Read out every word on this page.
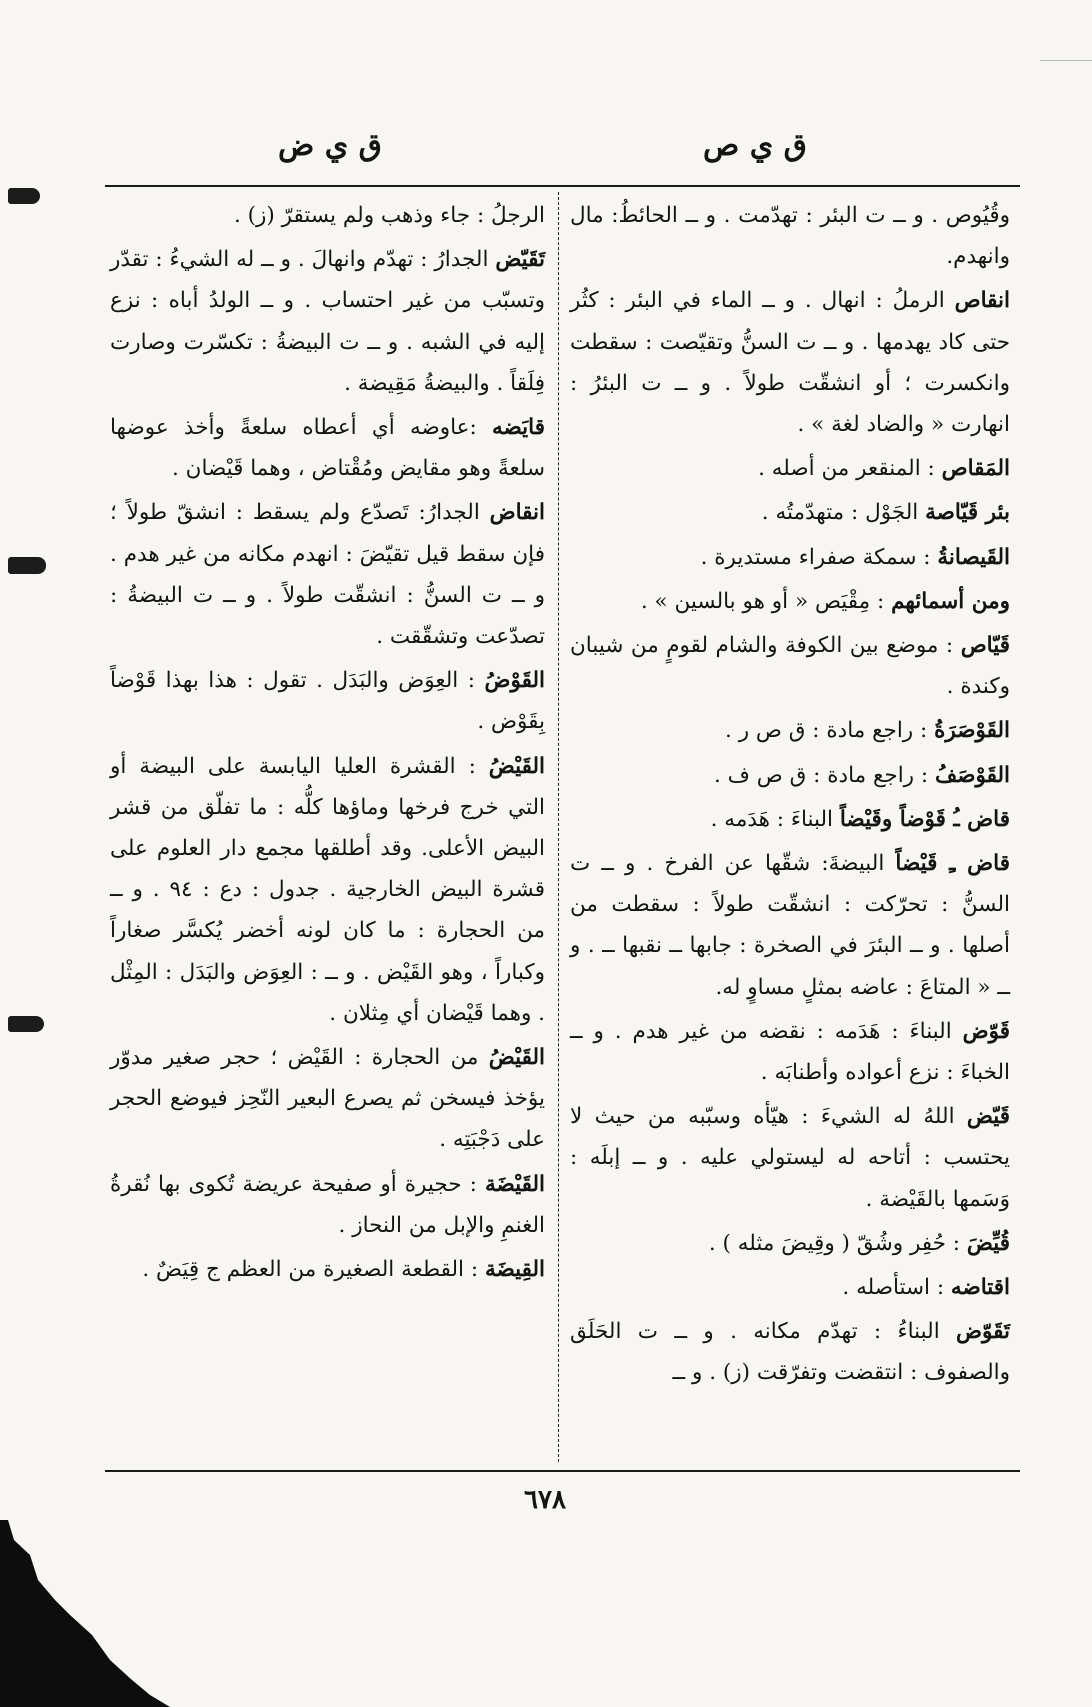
ق ي ص
ق ي ض
وقُيُوص . و ــ ت البئر : تهدّمت . و ــ الحائطُ: مال وانهدم.
انقاص الرملُ : انهال . و ــ الماء في البئر : كثُر حتى كاد يهدمها . و ــ ت السنُّ وتقيّصت : سقطت وانكسرت ؛ أو انشقّت طولاً . و ــ ت البئرُ : انهارت « والضاد لغة » .
المَقاص : المنقعر من أصله .
بئر قَيّاصة الجَوْل : متهدّمتُه .
القَيصانةُ : سمكة صفراء مستديرة .
ومن أسمائهم : مِقْيَص « أو هو بالسين » .
قَيّاص : موضع بين الكوفة والشام لقومٍ من شيبان وكندة .
القَوْصَرَةُ : راجع مادة : ق ص ر .
القَوْصَفُ : راجع مادة : ق ص ف .
قاض ـُ قَوْضاً وقَيْضاً البناءَ : هَدَمه .
قاض ـِ قَيْضاً البيضةَ: شقّها عن الفرخ . و ــ ت السنُّ : تحرّكت : انشقّت طولاً : سقطت من أصلها . و ــ البئرَ في الصخرة : جابها ــ نقبها ــ . و ــ « المتاعَ : عاضه بمثلٍ مساوٍ له.
قَوّض البناءَ : هَدَمه : نقضه من غير هدم . و ــ الخباءَ : نزع أعواده وأطنابَه .
قَيّض اللهُ له الشيءَ : هيّأه وسبّبه من حيث لا يحتسب : أتاحه له ليستولي عليه . و ــ إبلَه : وَسَمها بالقَيْضة .
قُيِّضَ : حُفِر وشُقّ ( وقِيضَ مثله ) .
اقتاضه : استأصله .
تَقَوّض البناءُ : تهدّم مكانه . و ــ ت الحَلَق والصفوف : انتقضت وتفرّقت (ز) . و ــ
الرجلُ : جاء وذهب ولم يستقرّ (ز) .
تَقَيّض الجدارُ : تهدّم وانهالَ . و ــ له الشيءُ : تقدّر وتسبّب من غير احتساب . و ــ الولدُ أباه : نزع إليه في الشبه . و ــ ت البيضةُ : تكسّرت وصارت فِلَقاً . والبيضةُ مَقِيضة .
قايَضه :عاوضه أي أعطاه سلعةً وأخذ عوضها سلعةً وهو مقايض ومُقْتاض ، وهما قَيْضان .
انقاض الجدارُ: تَصدّع ولم يسقط : انشقّ طولاً ؛ فإن سقط قيل تقيّضَ : انهدم مكانه من غير هدم . و ــ ت السنُّ : انشقّت طولاً . و ــ ت البيضةُ : تصدّعت وتشقّقت .
القَوْضُ : العِوَض والبَدَل . تقول : هذا بهذا قَوْضاً بِقَوْض .
القَيْضُ : القشرة العليا اليابسة على البيضة أو التي خرج فرخها وماؤها كلُّه : ما تفلّق من قشر البيض الأعلى. وقد أطلقها مجمع دار العلوم على قشرة البيض الخارجية . جدول : دع : ٩٤ . و ــ من الحجارة : ما كان لونه أخضر يُكسَّر صغاراً وكباراً ، وهو القَيْض . و ــ : العِوَض والبَدَل : المِثْل . وهما قَيْضان أي مِثلان .
القَيْضُ من الحجارة : القَيْض ؛ حجر صغير مدوّر يؤخذ فيسخن ثم يصرع البعير النّحِز فيوضع الحجر على دَجْبَتِه .
القَيْضَة : حجيرة أو صفيحة عريضة تُكوى بها نُقرةُ الغنمِ والإبل من النحاز .
القِيضَة : القطعة الصغيرة من العظم ج قِيَضٌ .
٦٧٨
